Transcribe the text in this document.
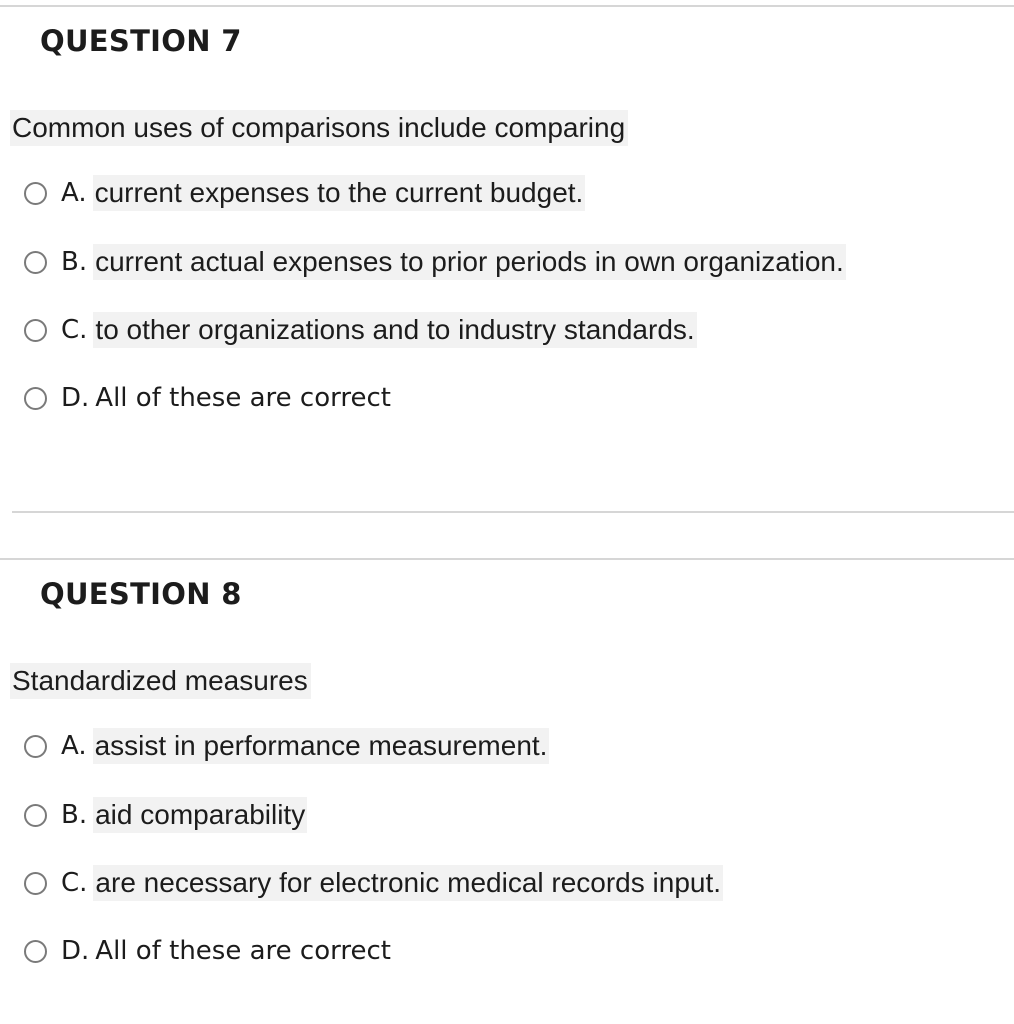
QUESTION 7
Common uses of comparisons include comparing
A. current expenses to the current budget.
B. current actual expenses to prior periods in own organization.
C. to other organizations and to industry standards.
D. All of these are correct
QUESTION 8
Standardized measures
A. assist in performance measurement.
B. aid comparability
C. are necessary for electronic medical records input.
D. All of these are correct
